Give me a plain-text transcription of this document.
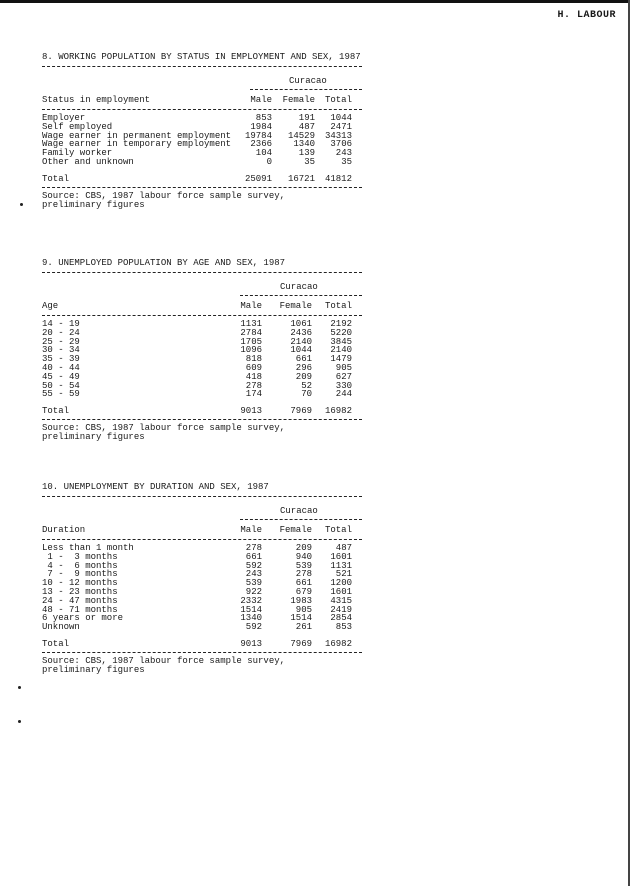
H. LABOUR
8. WORKING POPULATION BY STATUS IN EMPLOYMENT AND SEX, 1987
Curacao
Status in employment	Male Female Total
Employer	853	191 1044
Self employed	1984	487 2471
Wage earner in permanent employment 19784 14529 34313
Wage earner in temporary employment 2366 1340 3706
Family worker	104	139 243
Other and unknown	0	35	35
Total	25091 16721 41812
Source: CBS, 1987 labour force sample survey,
preliminary figures
9. UNEMPLOYED POPULATION BY AGE AND SEX, 1987
Curacao
Age	Male Female Total
14 - 19	1131	1061 2192
20 - 24	2784	2436 5220
25 - 29	1705	2140 3845
30 - 34	1096	1044 2140
35 - 39	818	661 1479
40 - 44	609	296	905
45 - 49	418	209	627
50 - 54	278	52	330
55 - 59	174	70	244
Total	9013	7969 16982
Source: CBS, 1987 labour force sample survey,
preliminary figures
10. UNEMPLOYMENT BY DURATION AND SEX, 1987
Curacao
Duration	Male Female Total
Less than 1 month	278	209	487
1 -  3 months	661	940 1601
4 -  6 months	592	539 1131
7 -  9 months	243	278	521
10 - 12 months	539	661 1200
13 - 23 months	922	679 1601
24 - 47 months	2332	1983 4315
48 - 71 months	1514	905 2419
6 years or more	1340	1514 2854
Unknown	592	261	853
Total	9013	7969 16982
Source: CBS, 1987 labour force sample survey,
preliminary figures
